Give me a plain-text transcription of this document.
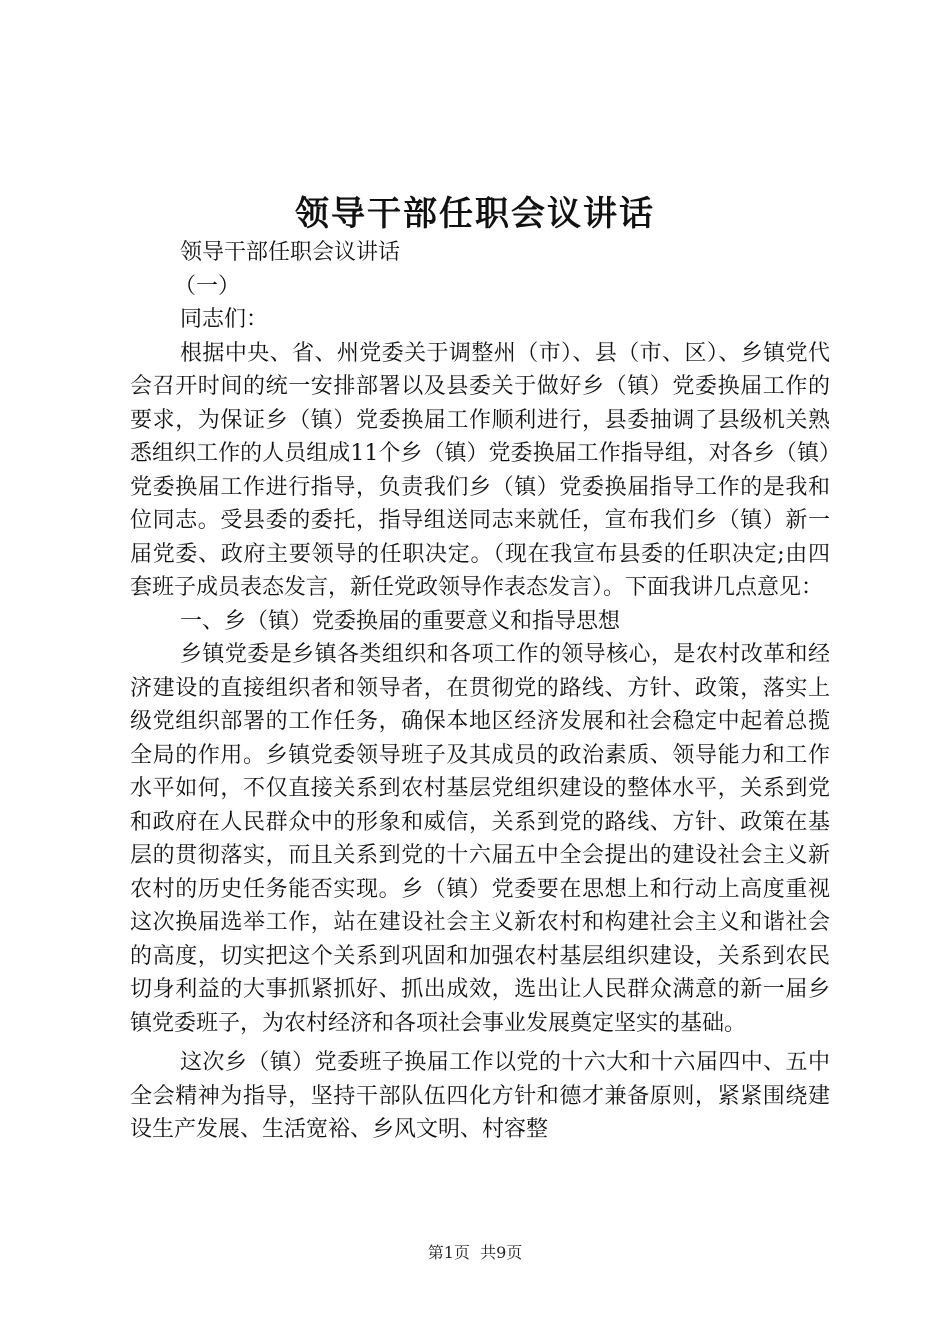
领导干部任职会议讲话

领导干部任职会议讲话

（一）

同志们：

根据中央、省、州党委关于调整州（市）、县（市、区）、乡镇党代会召开时间的统一安排部署以及县委关于做好乡（镇）党委换届工作的要求，为保证乡（镇）党委换届工作顺利进行，县委抽调了县级机关熟悉组织工作的人员组成11个乡（镇）党委换届工作指导组，对各乡（镇）党委换届工作进行指导，负责我们乡（镇）党委换届指导工作的是我和位同志。受县委的委托，指导组送同志来就任，宣布我们乡（镇）新一届党委、政府主要领导的任职决定。（现在我宣布县委的任职决定;由四套班子成员表态发言，新任党政领导作表态发言）。下面我讲几点意见：

一、乡（镇）党委换届的重要意义和指导思想

乡镇党委是乡镇各类组织和各项工作的领导核心，是农村改革和经济建设的直接组织者和领导者，在贯彻党的路线、方针、政策，落实上级党组织部署的工作任务，确保本地区经济发展和社会稳定中起着总揽全局的作用。乡镇党委领导班子及其成员的政治素质、领导能力和工作水平如何，不仅直接关系到农村基层党组织建设的整体水平，关系到党和政府在人民群众中的形象和威信，关系到党的路线、方针、政策在基层的贯彻落实，而且关系到党的十六届五中全会提出的建设社会主义新农村的历史任务能否实现。乡（镇）党委要在思想上和行动上高度重视这次换届选举工作，站在建设社会主义新农村和构建社会主义和谐社会的高度，切实把这个关系到巩固和加强农村基层组织建设，关系到农民切身利益的大事抓紧抓好、抓出成效，选出让人民群众满意的新一届乡镇党委班子，为农村经济和各项社会事业发展奠定坚实的基础。

这次乡（镇）党委班子换届工作以党的十六大和十六届四中、五中全会精神为指导，坚持干部队伍四化方针和德才兼备原则，紧紧围绕建设生产发展、生活宽裕、乡风文明、村容整

第1页  共9页
